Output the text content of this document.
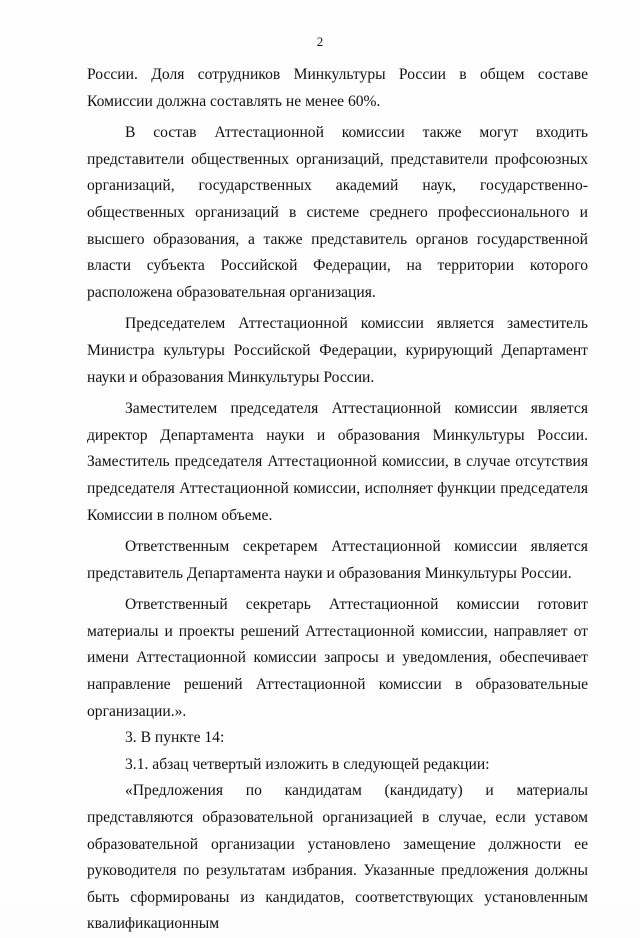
2

России. Доля сотрудников Минкультуры России в общем составе Комиссии должна составлять не менее 60%.

В состав Аттестационной комиссии также могут входить представители общественных организаций, представители профсоюзных организаций, государственных академий наук, государственно-общественных организаций в системе среднего профессионального и высшего образования, а также представитель органов государственной власти субъекта Российской Федерации, на территории которого расположена образовательная организация.

Председателем Аттестационной комиссии является заместитель Министра культуры Российской Федерации, курирующий Департамент науки и образования Минкультуры России.

Заместителем председателя Аттестационной комиссии является директор Департамента науки и образования Минкультуры России. Заместитель председателя Аттестационной комиссии, в случае отсутствия председателя Аттестационной комиссии, исполняет функции председателя Комиссии в полном объеме.

Ответственным секретарем Аттестационной комиссии является представитель Департамента науки и образования Минкультуры России.

Ответственный секретарь Аттестационной комиссии готовит материалы и проекты решений Аттестационной комиссии, направляет от имени Аттестационной комиссии запросы и уведомления, обеспечивает направление решений Аттестационной комиссии в образовательные организации.».

3. В пункте 14:

3.1. абзац четвертый изложить в следующей редакции:

«Предложения по кандидатам (кандидату) и материалы представляются образовательной организацией в случае, если уставом образовательной организации установлено замещение должности ее руководителя по результатам избрания. Указанные предложения должны быть сформированы из кандидатов, соответствующих установленным квалификационным
